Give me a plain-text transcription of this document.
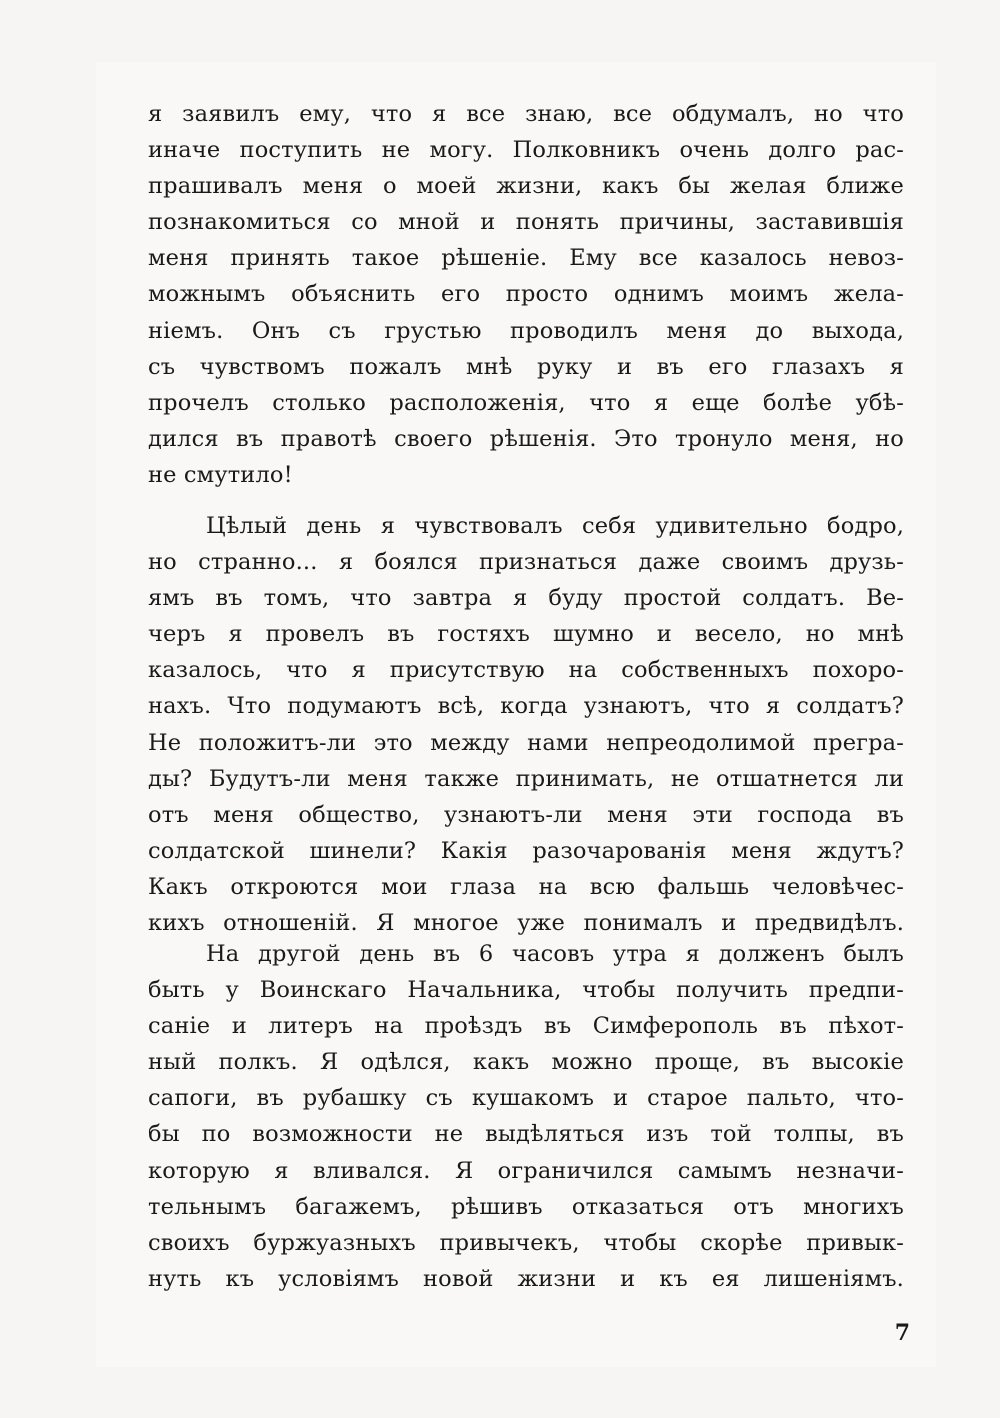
я заявилъ ему, что я все знаю, все обдумалъ, но что
иначе поступить не могу. Полковникъ очень долго рас-
прашивалъ меня о моей жизни, какъ бы желая ближе
познакомиться со мной и понять причины, заставившія
меня принять такое рѣшеніе. Ему все казалось невоз-
можнымъ объяснить его просто однимъ моимъ жела-
ніемъ. Онъ съ грустью проводилъ меня до выхода,
съ чувствомъ пожалъ мнѣ руку и въ его глазахъ я
прочелъ столько расположенія, что я еще болѣе убѣ-
дился въ правотѣ своего рѣшенія. Это тронуло меня, но
не смутило!
Цѣлый день я чувствовалъ себя удивительно бодро,
но странно... я боялся признаться даже своимъ друзь-
ямъ въ томъ, что завтра я буду простой солдатъ. Ве-
черъ я провелъ въ гостяхъ шумно и весело, но мнѣ
казалось, что я присутствую на собственныхъ похоро-
нахъ. Что подумаютъ всѣ, когда узнаютъ, что я солдатъ?
Не положитъ-ли это между нами непреодолимой прегра-
ды? Будутъ-ли меня также принимать, не отшатнется ли
отъ меня общество, узнаютъ-ли меня эти господа въ
солдатской шинели? Какія разочарованія меня ждутъ?
Какъ откроются мои глаза на всю фальшь человѣчес-
кихъ отношеній. Я многое уже понималъ и предвидѣлъ.
На другой день въ 6 часовъ утра я долженъ былъ
быть у Воинскаго Начальника, чтобы получить предпи-
саніе и литеръ на проѣздъ въ Симферополь въ пѣхот-
ный полкъ. Я одѣлся, какъ можно проще, въ высокіе
сапоги, въ рубашку съ кушакомъ и старое пальто, что-
бы по возможности не выдѣляться изъ той толпы, въ
которую я вливался. Я ограничился самымъ незначи-
тельнымъ багажемъ, рѣшивъ отказаться отъ многихъ
своихъ буржуазныхъ привычекъ, чтобы скорѣе привык-
нуть къ условіямъ новой жизни и къ ея лишеніямъ.
7
